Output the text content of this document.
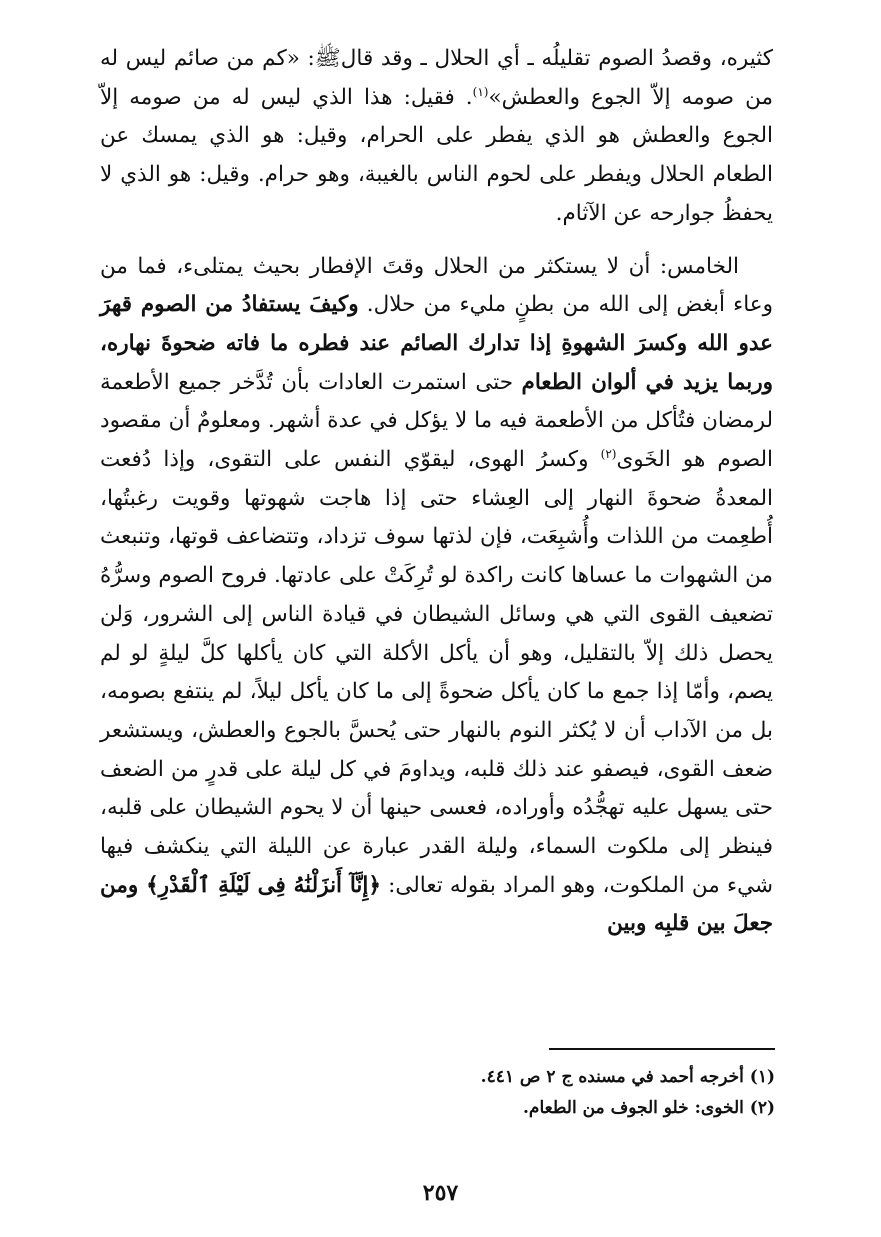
كثيره، وقصدُ الصوم تقليلُه ـ أي الحلال ـ وقد قالﷺ: «كم من صائم ليس له من صومه إلاّ الجوع والعطش»$^{(١)}$. فقيل: هذا الذي ليس له من صومه إلاّ الجوع والعطش هو الذي يفطر على الحرام، وقيل: هو الذي يمسك عن الطعام الحلال ويفطر على لحوم الناس بالغيبة، وهو حرام. وقيل: هو الذي لا يحفظُ جوارحه عن الآثام.

الخامس: أن لا يستكثر من الحلال وقتَ الإفطار بحيث يمتلىء، فما من وعاء أبغض إلى الله من بطنٍ مليء من حلال. وكيفَ يستفادُ من الصوم قهرَ عدو الله وكسرَ الشهوةِ إذا تدارك الصائم عند فطره ما فاته ضحوةَ نهاره، وربما يزيد في ألوان الطعام حتى استمرت العادات بأن تُدَّخر جميع الأطعمة لرمضان فتُأكل من الأطعمة فيه ما لا يؤكل في عدة أشهر. ومعلومٌ أن مقصود الصوم هو الخَوى$^{(٢)}$ وكسرُ الهوى، ليقوّي النفس على التقوى، وإذا دُفعت المعدةُ ضحوةَ النهار إلى العِشاء حتى إذا هاجت شهوتها وقويت رغبتُها، أُطعِمت من اللذات وأُشبِعَت، فإن لذتها سوف تزداد، وتتضاعف قوتها، وتنبعث من الشهوات ما عساها كانت راكدة لو تُرِكَتْ على عادتها. فروح الصوم وسرُّهُ تضعيف القوى التي هي وسائل الشيطان في قيادة الناس إلى الشرور، وَلن يحصل ذلك إلاّ بالتقليل، وهو أن يأكل الأكلة التي كان يأكلها كلَّ ليلةٍ لو لم يصم، وأمّا إذا جمع ما كان يأكل ضحوةً إلى ما كان يأكل ليلاً، لم ينتفع بصومه، بل من الآداب أن لا يُكثر النوم بالنهار حتى يُحسَّ بالجوع والعطش، ويستشعر ضعف القوى، فيصفو عند ذلك قلبه، ويداومَ في كل ليلة على قدرٍ من الضعف حتى يسهل عليه تهجُّدُه وأوراده، فعسى حينها أن لا يحوم الشيطان على قلبه، فينظر إلى ملكوت السماء، وليلة القدر عبارة عن الليلة التي ينكشف فيها شيء من الملكوت، وهو المراد بقوله تعالى: ﴿إِنَّآ أَنزَلْنَٰهُ فِى لَيْلَةِ ٱلْقَدْرِ﴾ ومن جعلَ بين قلبِه وبين

(١) أخرجه أحمد في مسنده ج ٢ ص ٤٤١.

(٢) الخوى: خلو الجوف من الطعام.

٢٥٧
